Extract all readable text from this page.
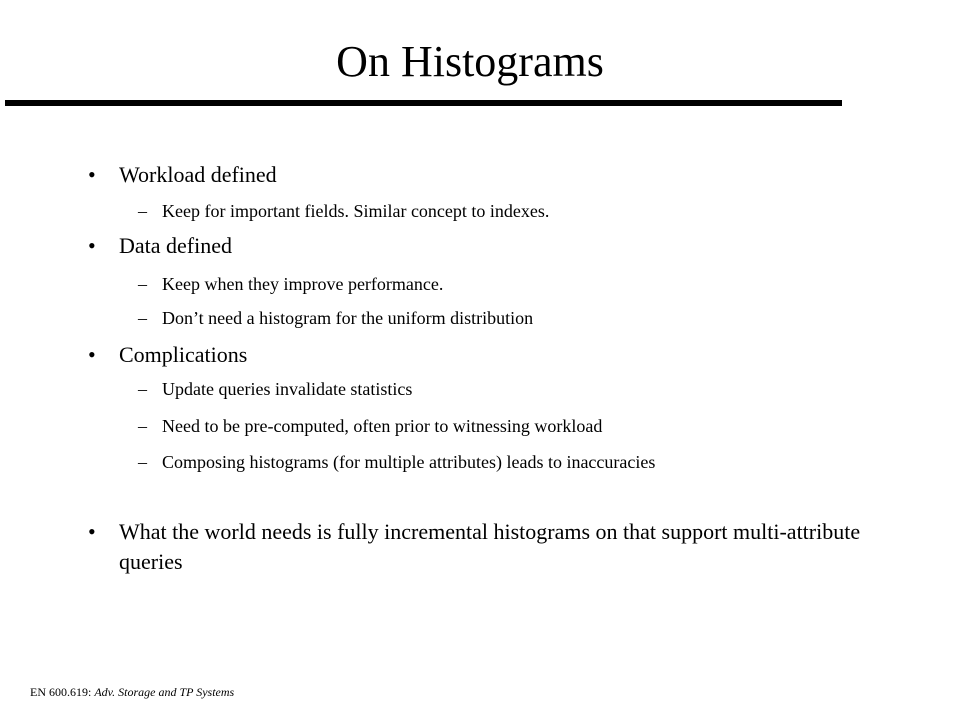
On Histograms
•	Workload defined
– Keep for important fields. Similar concept to indexes.
•	Data defined
– Keep when they improve performance.
– Don’t need a histogram for the uniform distribution
•	Complications
– Update queries invalidate statistics
– Need to be pre-computed, often prior to witnessing workload
– Composing histograms (for multiple attributes) leads to inaccuracies
•	What the world needs is fully incremental histograms on that support multi-attribute queries
EN 600.619: Adv. Storage and TP Systems
